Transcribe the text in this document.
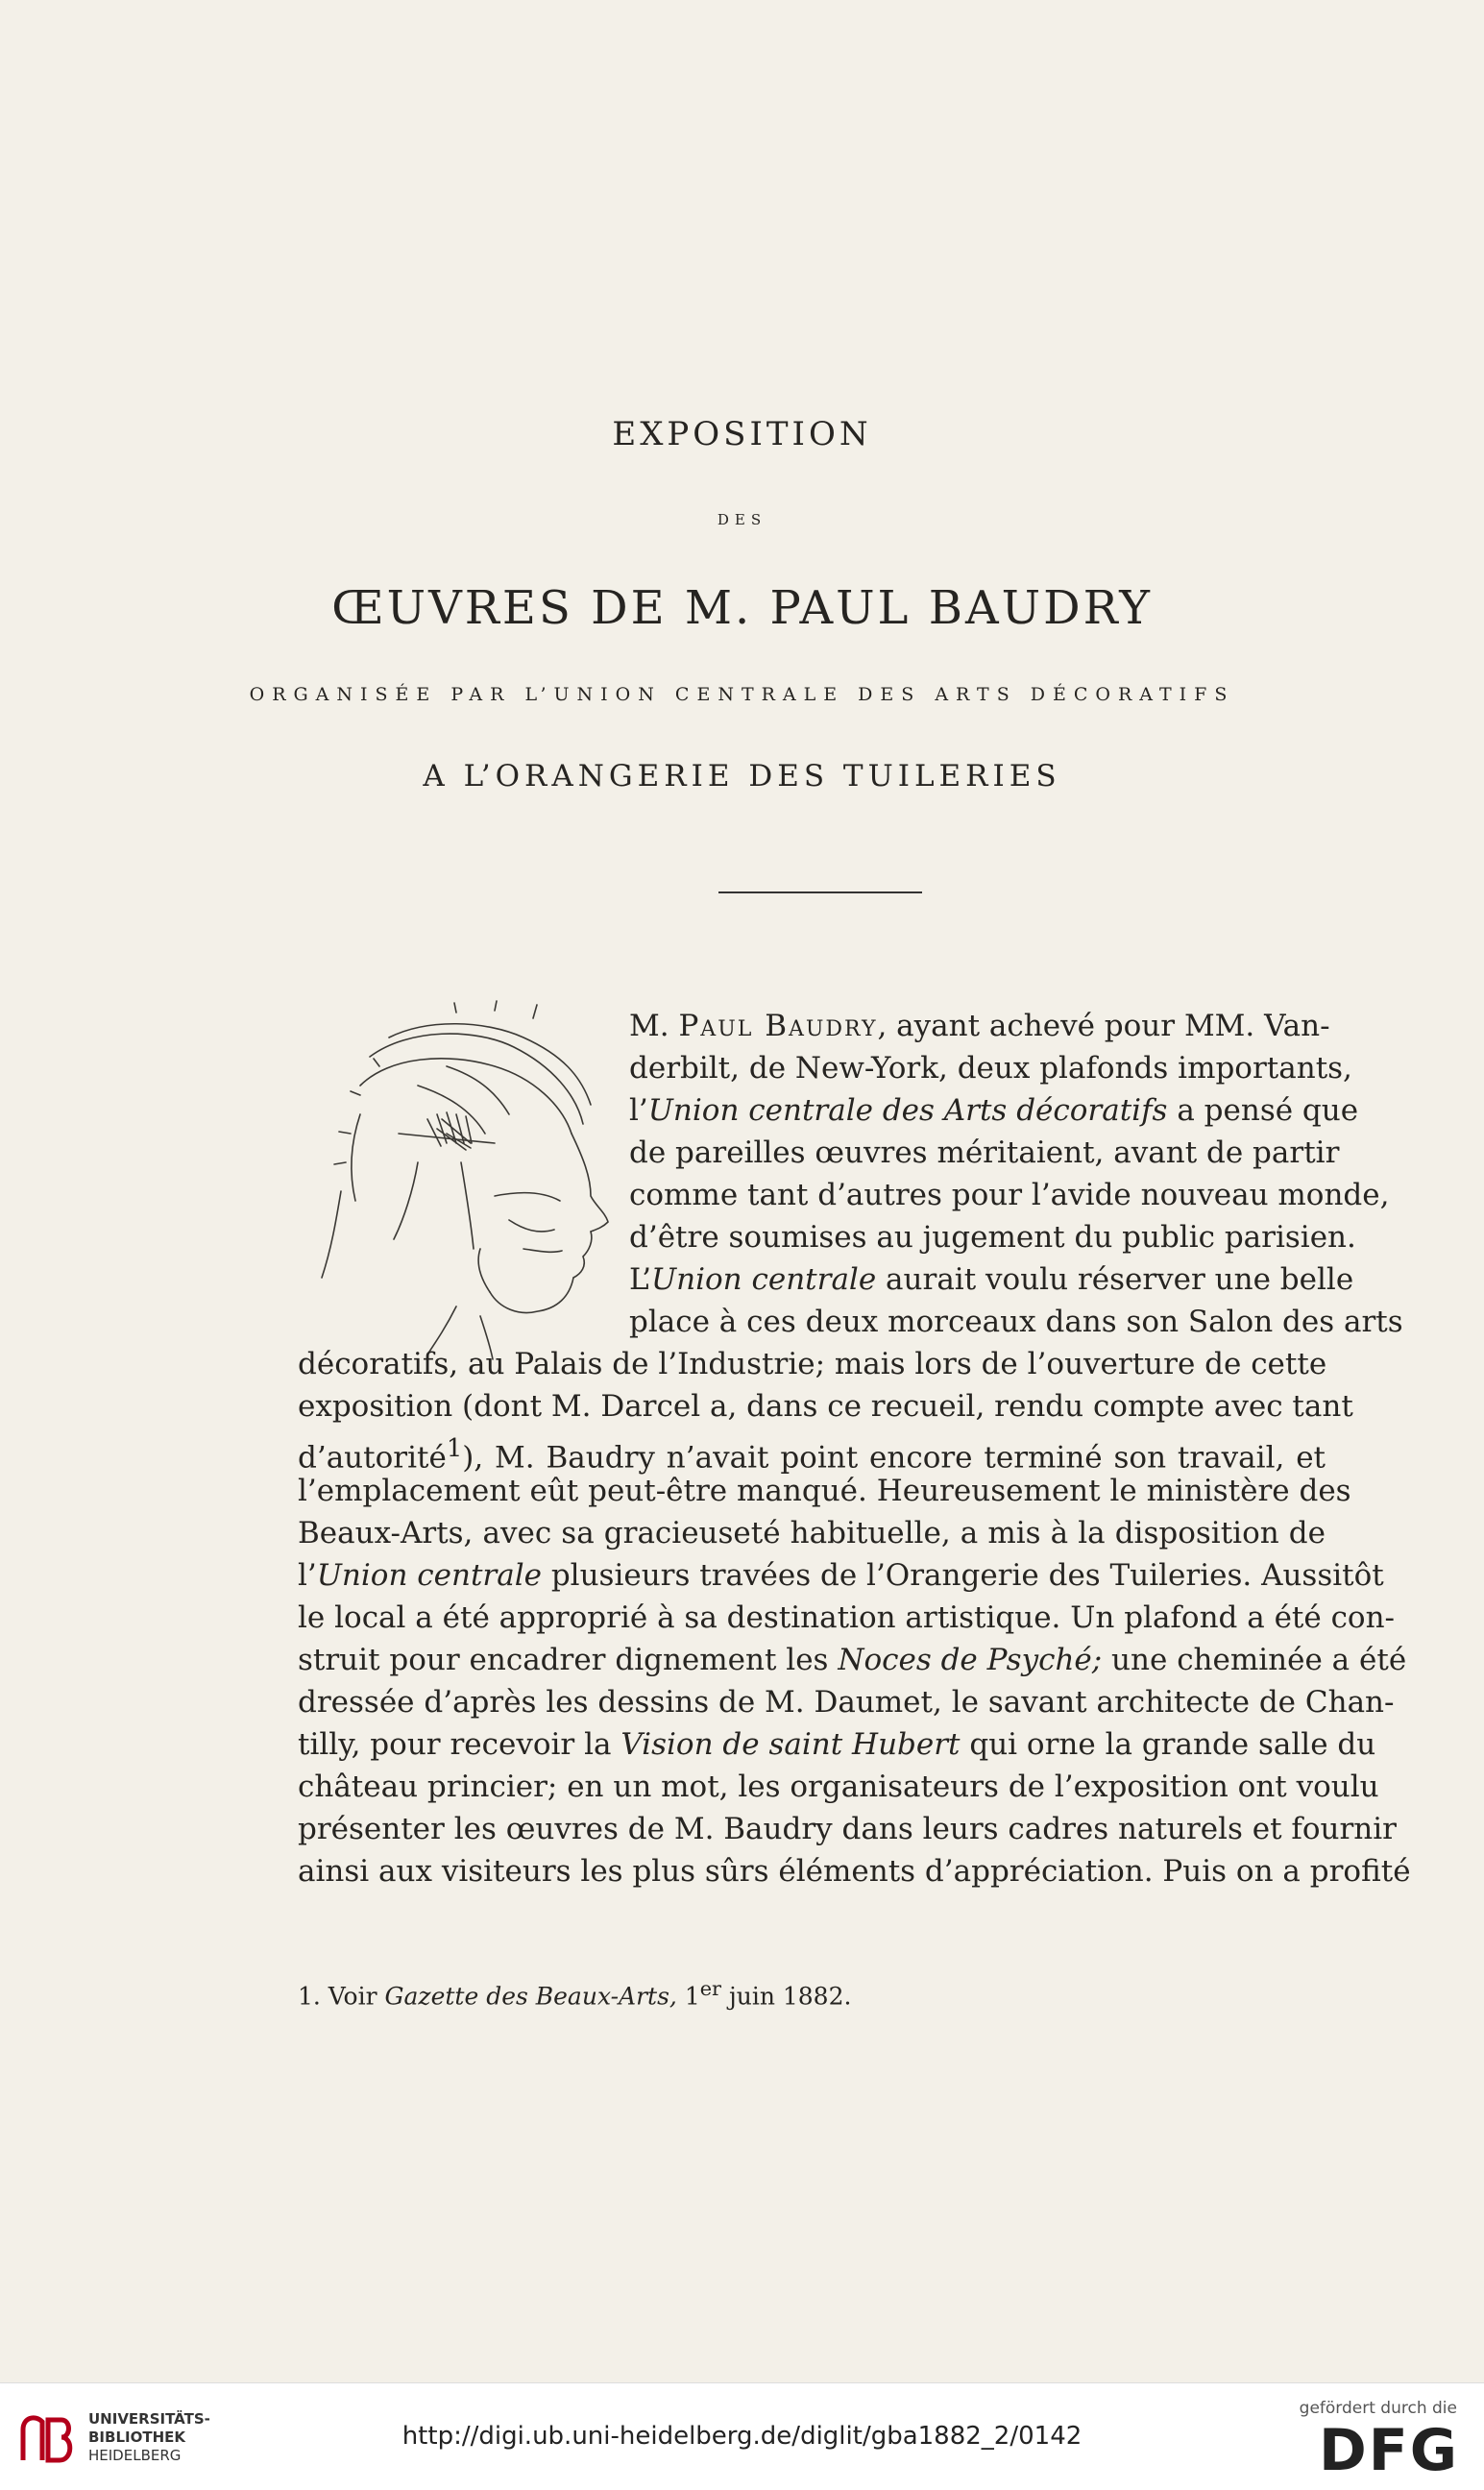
EXPOSITION
DES
ŒUVRES DE M. PAUL BAUDRY
ORGANISÉE PAR L’UNION CENTRALE DES ARTS DÉCORATIFS
A L’ORANGERIE DES TUILERIES
M. Paul Baudry, ayant achevé pour MM. Van-
derbilt, de New-York, deux plafonds importants,
l’Union centrale des Arts décoratifs a pensé que
de pareilles œuvres méritaient, avant de partir
comme tant d’autres pour l’avide nouveau monde,
d’être soumises au jugement du public parisien.
L’Union centrale aurait voulu réserver une belle
place à ces deux morceaux dans son Salon des arts
décoratifs, au Palais de l’Industrie; mais lors de l’ouverture de cette
exposition (dont M. Darcel a, dans ce recueil, rendu compte avec tant
d’autorité$^1$), M. Baudry n’avait point encore terminé son travail, et
l’emplacement eût peut-être manqué. Heureusement le ministère des
Beaux-Arts, avec sa gracieuseté habituelle, a mis à la disposition de
l’Union centrale plusieurs travées de l’Orangerie des Tuileries. Aussitôt
le local a été approprié à sa destination artistique. Un plafond a été con-
struit pour encadrer dignement les Noces de Psyché; une cheminée a été
dressée d’après les dessins de M. Daumet, le savant architecte de Chan-
tilly, pour recevoir la Vision de saint Hubert qui orne la grande salle du
château princier; en un mot, les organisateurs de l’exposition ont voulu
présenter les œuvres de M. Baudry dans leurs cadres naturels et fournir
ainsi aux visiteurs les plus sûrs éléments d’appréciation. Puis on a profité
1. Voir Gazette des Beaux-Arts, 1er juin 1882.
UNIVERSITÄTS-
BIBLIOTHEK
HEIDELBERG
http://digi.ub.uni-heidelberg.de/diglit/gba1882_2/0142
gefördert durch die
DFG
